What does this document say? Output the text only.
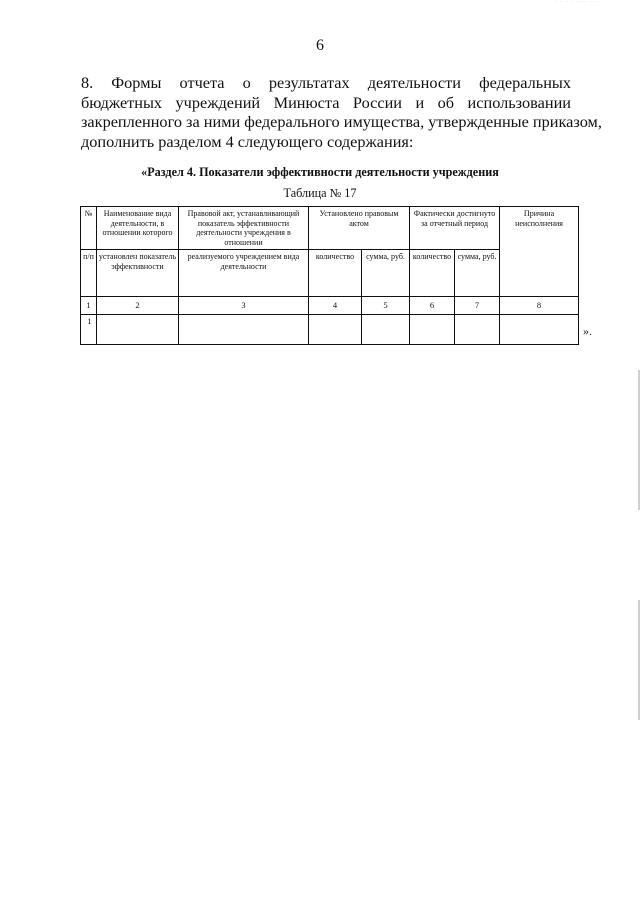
· · · ·· · ···· ·· ·
6

8. Формы отчета о результатах деятельности федеральных
бюджетных учреждений Минюста России и об использовании
закрепленного за ними федерального имущества, утвержденные приказом,
дополнить разделом 4 следующего содержания:

«Раздел 4. Показатели эффективности деятельности учреждения
Таблица № 17
№	Наименование вида деятельности, в отношении которого	Правовой акт, устанавливающий показатель эффективности деятельности учреждения в отношении	Установлено правовым актом		Фактически достигнуто за отчетный период		Причина неисполнения
п/п	установлен показатель эффективности	реализуемого учреждением вида деятельности	количество	сумма, руб.	количество	сумма, руб.	
1	2	3	4	5	6	7	8
1							
».
